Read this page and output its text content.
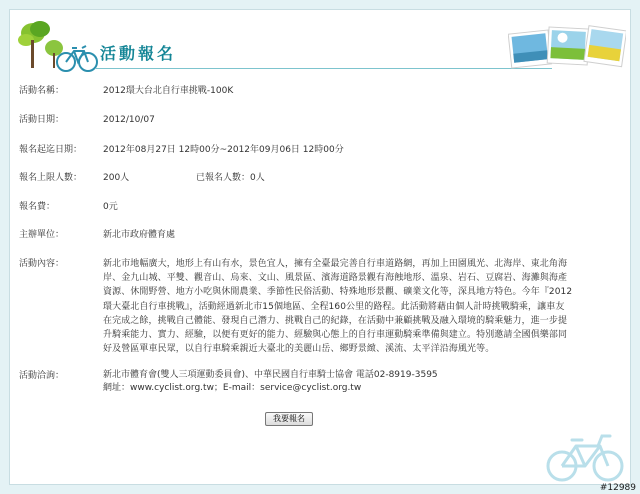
活動報名
活動名稱：	2012環大台北自行車挑戰-100K
活動日期：	2012/10/07
報名起迄日期：	2012年08月27日 12時00分~2012年09月06日 12時00分
報名上限人數：	200人	已報名人數：0人
報名費：	0元
主辦單位：	新北市政府體育處
活動內容：	新北市地幅廣大，地形上有山有水，景色宜人，擁有全臺最完善自行車道路網，再加上田園風光、北海岸、東北角海岸、金九山城、平雙、觀音山、烏來、文山、風景區、濱海道路景觀有海蝕地形、溫泉、岩石、豆腐岩、海灘與海產資源、休閒野營、地方小吃與休閒農業、季節性民俗活動、特殊地形景觀、礦業文化等，深具地方特色。今年『2012環大臺北自行車挑戰』，活動經過新北市15個地區、全程160公里的路程。此活動將藉由個人計時挑戰騎乘，讓車友在完成之餘，挑戰自己體能、發現自己潛力、挑戰自己的紀錄，在活動中兼顧挑戰及融入環境的騎乘魅力，進一步提升騎乘能力、實力、經驗，以便有更好的能力、經驗與心態上的自行車運動騎乘準備與建立。特別邀請全國俱樂部同好及營區單車民眾，以自行車騎乘親近大臺北的美麗山岳、鄉野景緻、溪流、太平洋沿海風光等。
活動洽詢：	新北市體育會(雙人三項運動委員會)、中華民國自行車騎士協會 電話02-8919-3595
網址：www.cyclist.org.tw；E-mail：service@cyclist.org.tw
我要報名
#12989
